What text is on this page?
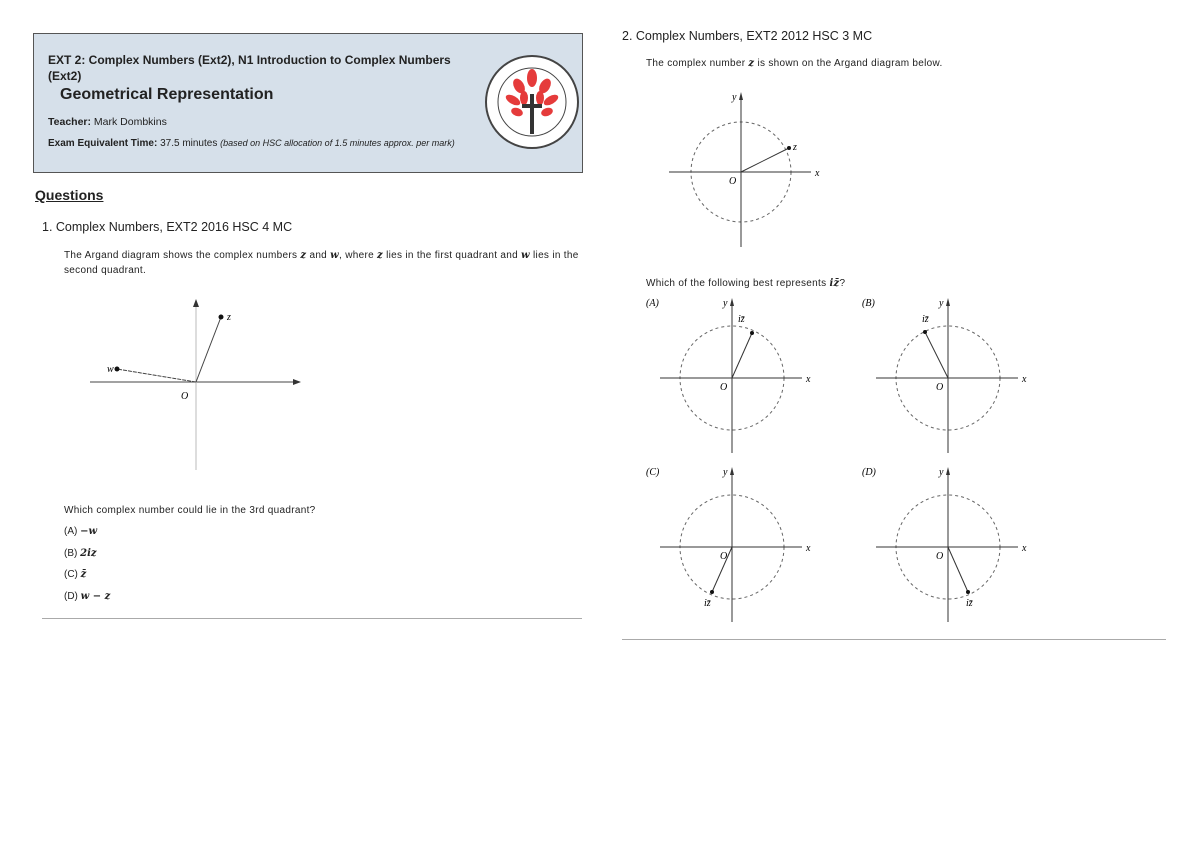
EXT 2: Complex Numbers (Ext2), N1 Introduction to Complex Numbers (Ext2)
Geometrical Representation
Teacher: Mark Dombkins
Exam Equivalent Time: 37.5 minutes (based on HSC allocation of 1.5 minutes approx. per mark)
Questions
1. Complex Numbers, EXT2 2016 HSC 4 MC
The Argand diagram shows the complex numbers z and w, where z lies in the first quadrant and w lies in the second quadrant.
z
w
O
Which complex number could lie in the 3rd quadrant?
(A) −w
(B) 2iz
(C) z̄
(D) w − z
2. Complex Numbers, EXT2 2012 HSC 3 MC
The complex number z is shown on the Argand diagram below.
Which of the following best represents iz̄?
x
y
O
z
x
y
O
iz̄
(A)
x
y
O
iz̄
(B)
x
y
O
iz̄
(C)
x
y
O
iz̄
(D)
